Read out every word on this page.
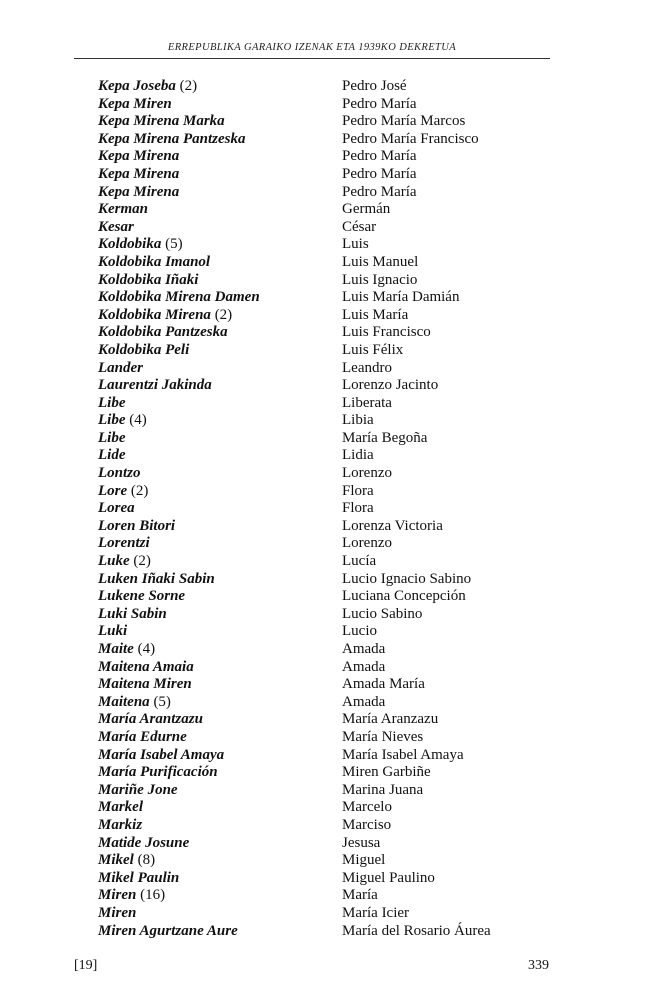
ERREPUBLIKA GARAIKO IZENAK ETA 1939KO DEKRETUA
Kepa Joseba (2)	Pedro José
Kepa Miren	Pedro María
Kepa Mirena Marka	Pedro María Marcos
Kepa Mirena Pantzeska	Pedro María Francisco
Kepa Mirena	Pedro María
Kepa Mirena	Pedro María
Kepa Mirena	Pedro María
Kerman	Germán
Kesar	César
Koldobika (5)	Luis
Koldobika Imanol	Luis Manuel
Koldobika Iñaki	Luis Ignacio
Koldobika Mirena Damen	Luis María Damián
Koldobika Mirena (2)	Luis María
Koldobika Pantzeska	Luis Francisco
Koldobika Peli	Luis Félix
Lander	Leandro
Laurentzi Jakinda	Lorenzo Jacinto
Libe	Liberata
Libe (4)	Libia
Libe	María Begoña
Lide	Lidia
Lontzo	Lorenzo
Lore (2)	Flora
Lorea	Flora
Loren Bitori	Lorenza Victoria
Lorentzi	Lorenzo
Luke (2)	Lucía
Luken Iñaki Sabin	Lucio Ignacio Sabino
Lukene Sorne	Luciana Concepción
Luki Sabin	Lucio Sabino
Luki	Lucio
Maite (4)	Amada
Maitena Amaia	Amada
Maitena Miren	Amada María
Maitena (5)	Amada
María Arantzazu	María Aranzazu
María Edurne	María Nieves
María Isabel Amaya	María Isabel Amaya
María Purificación	Miren Garbiñe
Mariñe Jone	Marina Juana
Markel	Marcelo
Markiz	Marciso
Matide Josune	Jesusa
Mikel (8)	Miguel
Mikel Paulin	Miguel Paulino
Miren (16)	María
Miren	María Icier
Miren Agurtzane Aure	María del Rosario Áurea
[19]	339
